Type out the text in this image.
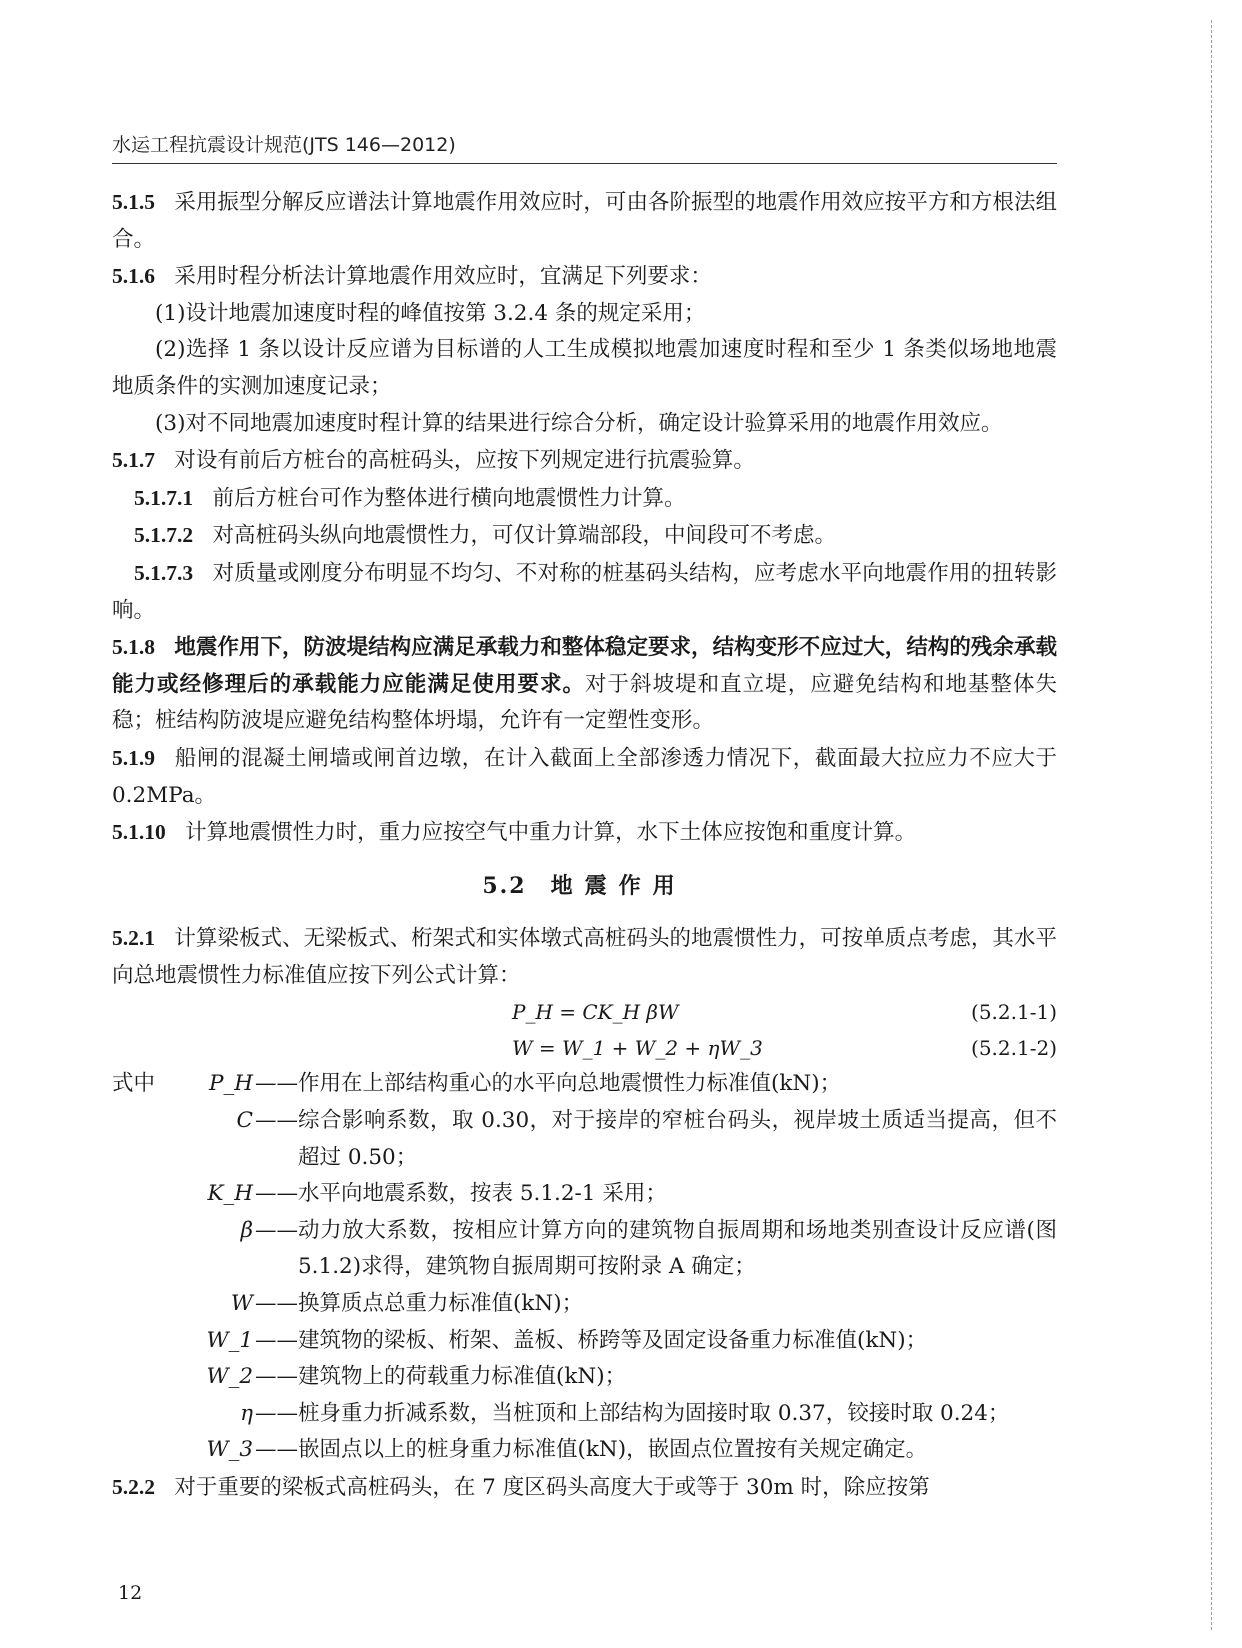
水运工程抗震设计规范(JTS 146—2012)

5.1.5 采用振型分解反应谱法计算地震作用效应时，可由各阶振型的地震作用效应按平方和方根法组合。

5.1.6 采用时程分析法计算地震作用效应时，宜满足下列要求：

(1)设计地震加速度时程的峰值按第 3.2.4 条的规定采用；

(2)选择 1 条以设计反应谱为目标谱的人工生成模拟地震加速度时程和至少 1 条类似场地地震地质条件的实测加速度记录；

(3)对不同地震加速度时程计算的结果进行综合分析，确定设计验算采用的地震作用效应。

5.1.7 对设有前后方桩台的高桩码头，应按下列规定进行抗震验算。

5.1.7.1 前后方桩台可作为整体进行横向地震惯性力计算。

5.1.7.2 对高桩码头纵向地震惯性力，可仅计算端部段，中间段可不考虑。

5.1.7.3 对质量或刚度分布明显不均匀、不对称的桩基码头结构，应考虑水平向地震作用的扭转影响。

5.1.8 地震作用下，防波堤结构应满足承载力和整体稳定要求，结构变形不应过大，结构的残余承载能力或经修理后的承载能力应能满足使用要求。对于斜坡堤和直立堤，应避免结构和地基整体失稳；桩结构防波堤应避免结构整体坍塌，允许有一定塑性变形。

5.1.9 船闸的混凝土闸墙或闸首边墩，在计入截面上全部渗透力情况下，截面最大拉应力不应大于 0.2MPa。

5.1.10 计算地震惯性力时，重力应按空气中重力计算，水下土体应按饱和重度计算。

5.2 地震作用

5.2.1 计算梁板式、无梁板式、桁架式和实体墩式高桩码头的地震惯性力，可按单质点考虑，其水平向总地震惯性力标准值应按下列公式计算：

P_H = CK_H βW	(5.2.1-1)
W = W_1 + W_2 + ηW_3	(5.2.1-2)
式中	P_H —— 作用在上部结构重心的水平向总地震惯性力标准值(kN)；
C —— 综合影响系数，取 0.30，对于接岸的窄桩台码头，视岸坡土质适当提高，但不超过 0.50；
K_H —— 水平向地震系数，按表 5.1.2-1 采用；
β —— 动力放大系数，按相应计算方向的建筑物自振周期和场地类别查设计反应谱(图 5.1.2)求得，建筑物自振周期可按附录 A 确定；
W —— 换算质点总重力标准值(kN)；
W_1 —— 建筑物的梁板、桁架、盖板、桥跨等及固定设备重力标准值(kN)；
W_2 —— 建筑物上的荷载重力标准值(kN)；
η —— 桩身重力折减系数，当桩顶和上部结构为固接时取 0.37，铰接时取 0.24；
W_3 —— 嵌固点以上的桩身重力标准值(kN)，嵌固点位置按有关规定确定。

5.2.2 对于重要的梁板式高桩码头，在 7 度区码头高度大于或等于 30m 时，除应按第

12
